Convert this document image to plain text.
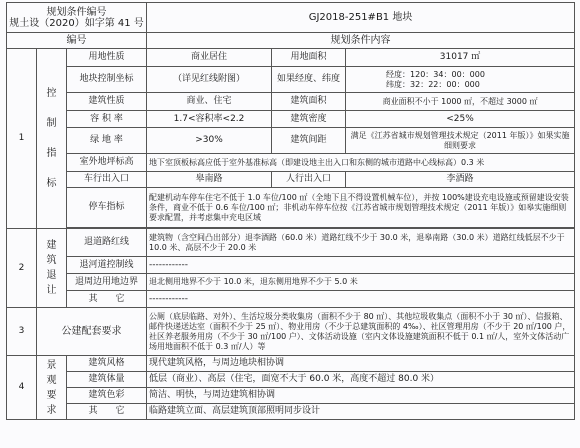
规划条件编号
规土设（2020）如字第 41 号			GJ2018-251#B1 地块		
编号			规划条件内容		
1	控制指标	用地性质	商业居住	用地面积	31017 ㎡
		地块控制坐标	（详见红线附图）	如果经度、纬度	经度：120：34：00：000
纬度：32：22：00：000

		建筑性质	商业、住宅	建筑面积	商业面积不小于 1000 ㎡，不超过 3000 ㎡
		容 积 率	1.7<容积率<2.2	建筑密度	<25%
		绿 地 率	>30%	建筑间距	满足《江苏省城市规划管理技术规定（2011 年版）》如果实施细则要求
		室外地坪标高	地下室顶板标高应低于室外基准标高（即建设地主出入口和东侧的城市道路中心线标高）0.3 米		
		车行出入口	皋南路	人行出入口	李酒路
		停车指标	配建机动车停车住宅不低于 1.0 车位/100 ㎡（全地下且不得设置机械车位），并按 100%建设充电设施或预留建设安装条件，商业不低于 0.6 车位/100 ㎡；非机动车停车位按《江苏省城市规划管理技术规定（2011 年版）》如皋实施细则要求配置，并考虑集中充电区域		

2	建筑退让	退道路红线	建筑物（含空间凸出部分）退李酒路（60.0 米）道路红线不少于 30.0 米，退皋南路（30.0 米）道路红线低层不少于 10.0 米、高层不少于 20.0 米		
		退河道控制线	------------		
		退周边用地边界	退北侧用地界不少于 10.0 米，退东侧用地界不少于 5.0 米		
		其　　它	------------		
3	公建配套要求		公厕（底层临路、对外）、生活垃圾分类收集房（面积不少于 80 ㎡）、其他垃圾收集点（面积不小于 30 ㎡）、信报箱、邮件快递送达室（面积不少于 25 ㎡）、物业用房（不少于总建筑面积的 4‰）、社区管理用房（不少于 20 ㎡/100 户，社区养老服务用房（不少于 30 ㎡/100 户）、文体活动设施（室内文体设施建筑面积不低于 0.1 ㎡/人，室外文体活动广场用地面积不低于 0.3 ㎡/人）等		
4	景观要求	建筑风格	现代建筑风格，与周边地块相协调		
		建筑体量	低层（商业）、高层（住宅，面宽不大于 60.0 米，高度不超过 80.0 米）		
		建筑色彩	简洁、明快，与周边建筑相协调		
		其　　它	临路建筑立面、高层建筑顶部照明同步设计		
